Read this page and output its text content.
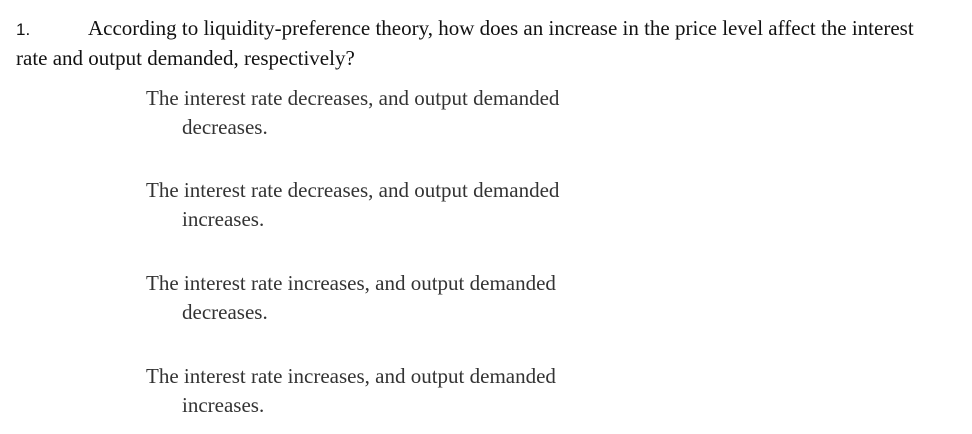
1.	According to liquidity-preference theory, how does an increase in the price level affect the interest rate and output demanded, respectively?

The interest rate decreases, and output demanded
decreases.
The interest rate decreases, and output demanded
increases.
The interest rate increases, and output demanded
decreases.
The interest rate increases, and output demanded
increases.
